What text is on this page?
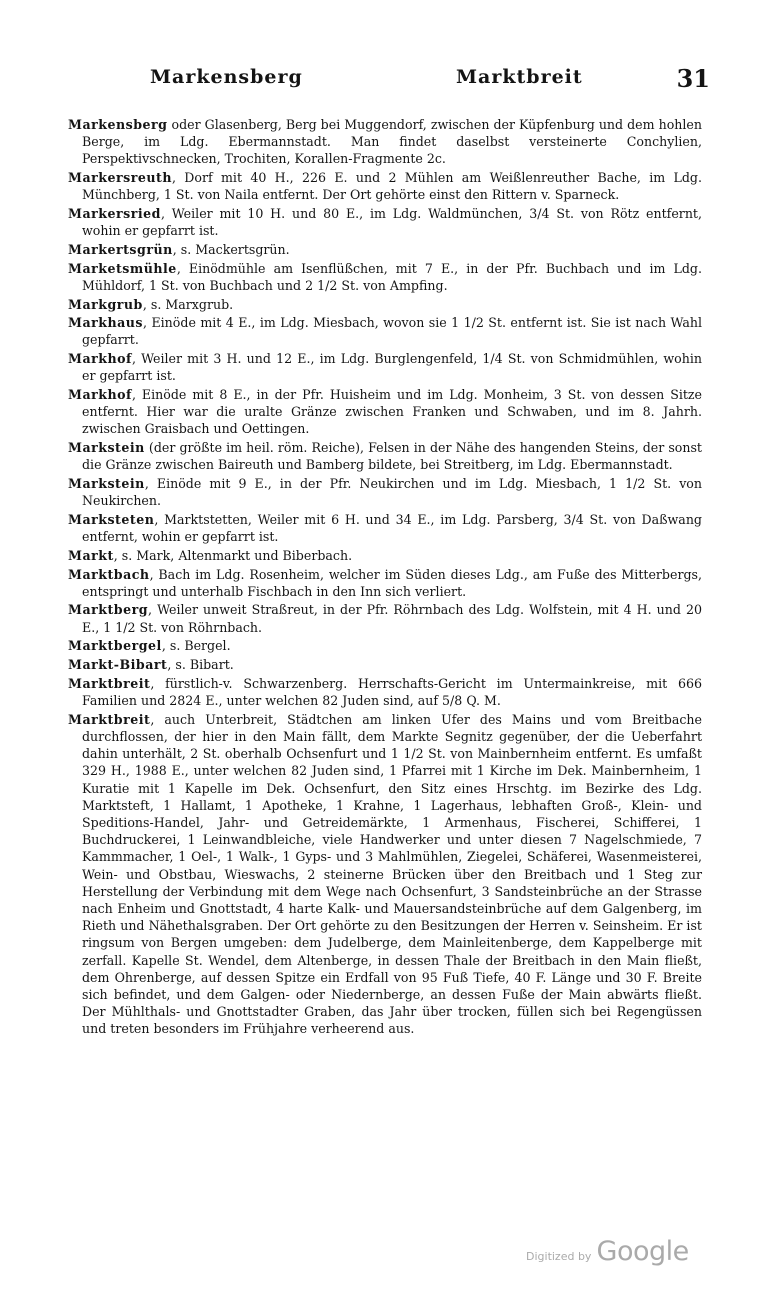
Markensberg	Marktbreit	31

Markensberg oder Glasenberg, Berg bei Muggendorf, zwischen der Küpfenburg und dem hohlen Berge, im Ldg. Ebermannstadt. Man findet daselbst versteinerte Conchylien, Perspektivschnecken, Trochiten, Korallen-Fragmente 2c.

Markersreuth, Dorf mit 40 H., 226 E. und 2 Mühlen am Weißlenreuther Bache, im Ldg. Münchberg, 1 St. von Naila entfernt. Der Ort gehörte einst den Rittern v. Sparneck.

Markersried, Weiler mit 10 H. und 80 E., im Ldg. Waldmünchen, 3/4 St. von Rötz entfernt, wohin er gepfarrt ist.

Markertsgrün, s. Mackertsgrün.

Marketsmühle, Einödmühle am Isenflüßchen, mit 7 E., in der Pfr. Buchbach und im Ldg. Mühldorf, 1 St. von Buchbach und 2 1/2 St. von Ampfing.

Markgrub, s. Marxgrub.

Markhaus, Einöde mit 4 E., im Ldg. Miesbach, wovon sie 1 1/2 St. entfernt ist. Sie ist nach Wahl gepfarrt.

Markhof, Weiler mit 3 H. und 12 E., im Ldg. Burglengenfeld, 1/4 St. von Schmidmühlen, wohin er gepfarrt ist.

Markhof, Einöde mit 8 E., in der Pfr. Huisheim und im Ldg. Monheim, 3 St. von dessen Sitze entfernt. Hier war die uralte Gränze zwischen Franken und Schwaben, und im 8. Jahrh. zwischen Graisbach und Oettingen.

Markstein (der größte im heil. röm. Reiche), Felsen in der Nähe des hangenden Steins, der sonst die Gränze zwischen Baireuth und Bamberg bildete, bei Streitberg, im Ldg. Ebermannstadt.

Markstein, Einöde mit 9 E., in der Pfr. Neukirchen und im Ldg. Miesbach, 1 1/2 St. von Neukirchen.

Marksteten, Marktstetten, Weiler mit 6 H. und 34 E., im Ldg. Parsberg, 3/4 St. von Daßwang entfernt, wohin er gepfarrt ist.

Markt, s. Mark, Altenmarkt und Biberbach.

Marktbach, Bach im Ldg. Rosenheim, welcher im Süden dieses Ldg., am Fuße des Mitterbergs, entspringt und unterhalb Fischbach in den Inn sich verliert.

Marktberg, Weiler unweit Straßreut, in der Pfr. Röhrnbach des Ldg. Wolfstein, mit 4 H. und 20 E., 1 1/2 St. von Röhrnbach.

Marktbergel, s. Bergel.

Markt-Bibart, s. Bibart.

Marktbreit, fürstlich-v. Schwarzenberg. Herrschafts-Gericht im Untermainkreise, mit 666 Familien und 2824 E., unter welchen 82 Juden sind, auf 5/8 Q. M.

Marktbreit, auch Unterbreit, Städtchen am linken Ufer des Mains und vom Breitbache durchflossen, der hier in den Main fällt, dem Markte Segnitz gegenüber, der die Ueberfahrt dahin unterhält, 2 St. oberhalb Ochsenfurt und 1 1/2 St. von Mainbernheim entfernt. Es umfaßt 329 H., 1988 E., unter welchen 82 Juden sind, 1 Pfarrei mit 1 Kirche im Dek. Mainbernheim, 1 Kuratie mit 1 Kapelle im Dek. Ochsenfurt, den Sitz eines Hrschtg. im Bezirke des Ldg. Marktsteft, 1 Hallamt, 1 Apotheke, 1 Krahne, 1 Lagerhaus, lebhaften Groß-, Klein- und Speditions-Handel, Jahr- und Getreidemärkte, 1 Armenhaus, Fischerei, Schifferei, 1 Buchdruckerei, 1 Leinwandbleiche, viele Handwerker und unter diesen 7 Nagelschmiede, 7 Kammmacher, 1 Oel-, 1 Walk-, 1 Gyps- und 3 Mahlmühlen, Ziegelei, Schäferei, Wasenmeisterei, Wein- und Obstbau, Wieswachs, 2 steinerne Brücken über den Breitbach und 1 Steg zur Herstellung der Verbindung mit dem Wege nach Ochsenfurt, 3 Sandsteinbrüche an der Strasse nach Enheim und Gnottstadt, 4 harte Kalk- und Mauersandsteinbrüche auf dem Galgenberg, im Rieth und Nähethalsgraben. Der Ort gehörte zu den Besitzungen der Herren v. Seinsheim. Er ist ringsum von Bergen umgeben: dem Judelberge, dem Mainleitenberge, dem Kappelberge mit zerfall. Kapelle St. Wendel, dem Altenberge, in dessen Thale der Breitbach in den Main fließt, dem Ohrenberge, auf dessen Spitze ein Erdfall von 95 Fuß Tiefe, 40 F. Länge und 30 F. Breite sich befindet, und dem Galgen- oder Niedernberge, an dessen Fuße der Main abwärts fließt. Der Mühlthals- und Gnottstadter Graben, das Jahr über trocken, füllen sich bei Regengüssen und treten besonders im Frühjahre verheerend aus.

Digitized by Google
